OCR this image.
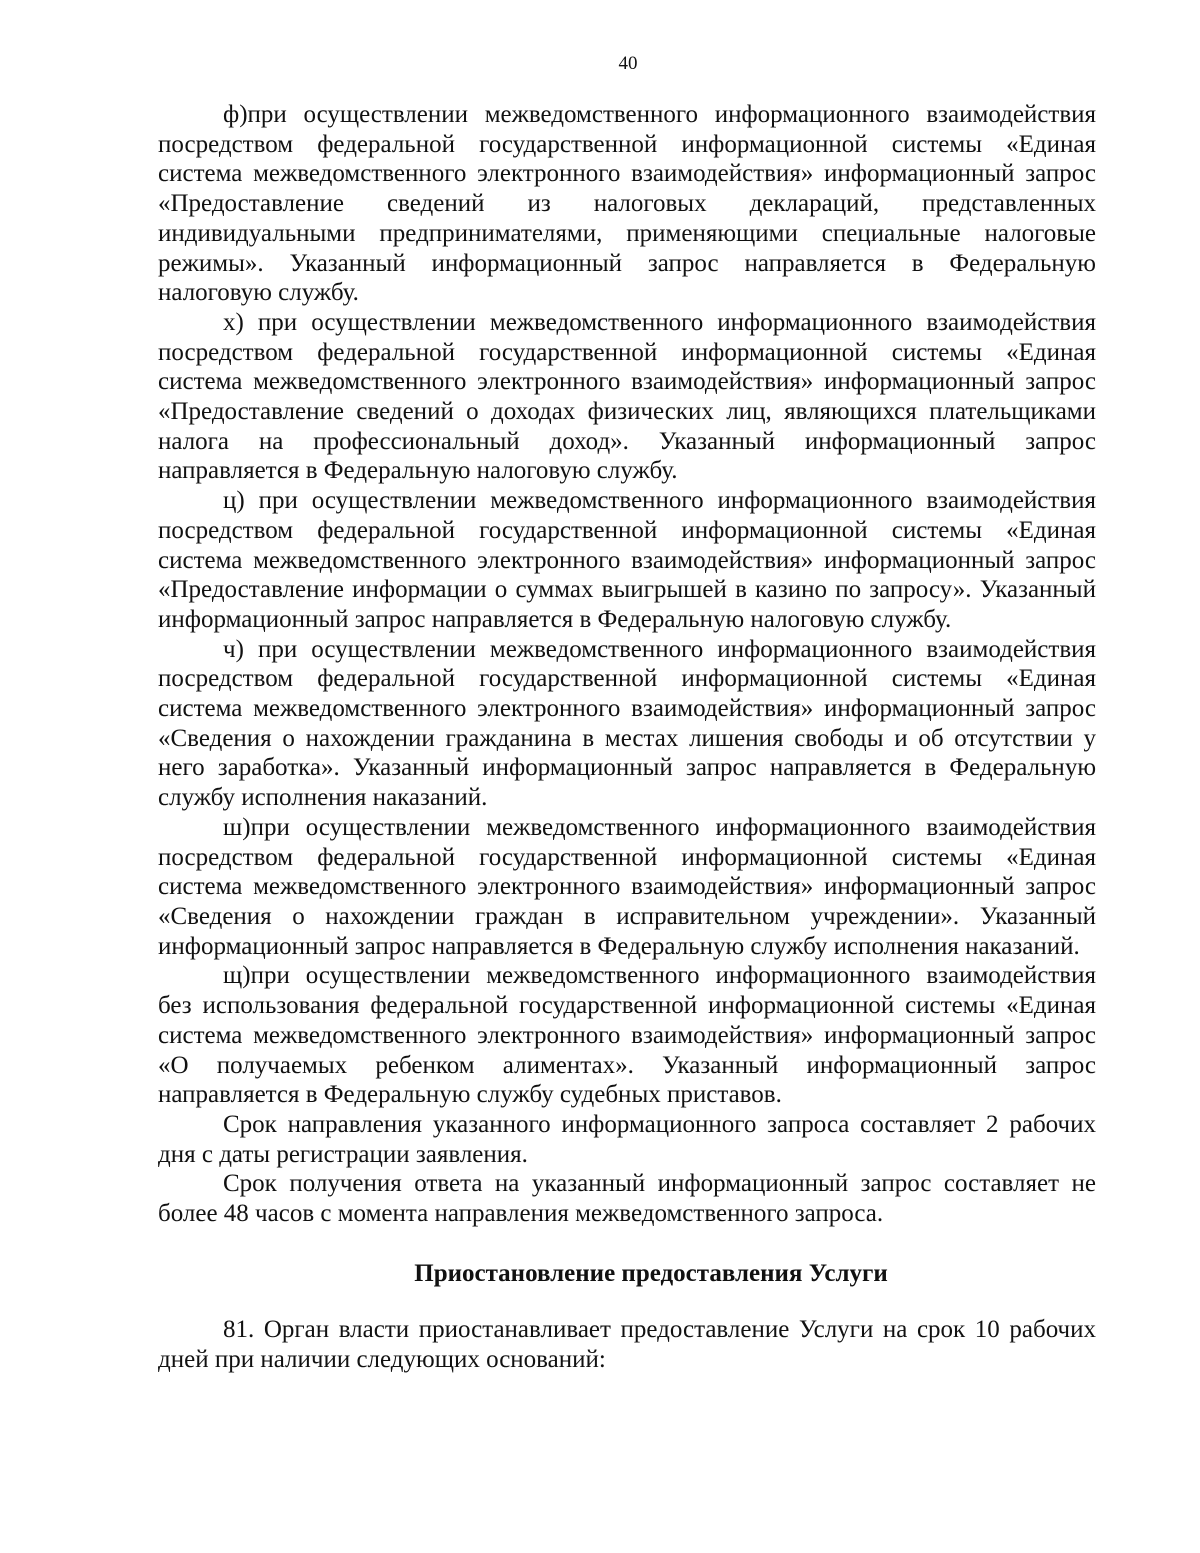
40

ф)при осуществлении межведомственного информационного взаимодействия посредством федеральной государственной информационной системы «Единая система межведомственного электронного взаимодействия» информационный запрос «Предоставление сведений из налоговых деклараций, представленных индивидуальными предпринимателями, применяющими специальные налоговые режимы». Указанный информационный запрос направляется в Федеральную налоговую службу.

х) при осуществлении межведомственного информационного взаимодействия посредством федеральной государственной информационной системы «Единая система межведомственного электронного взаимодействия» информационный запрос «Предоставление сведений о доходах физических лиц, являющихся плательщиками налога на профессиональный доход». Указанный информационный запрос направляется в Федеральную налоговую службу.

ц) при осуществлении межведомственного информационного взаимодействия посредством федеральной государственной информационной системы «Единая система межведомственного электронного взаимодействия» информационный запрос «Предоставление информации о суммах выигрышей в казино по запросу». Указанный информационный запрос направляется в Федеральную налоговую службу.

ч) при осуществлении межведомственного информационного взаимодействия посредством федеральной государственной информационной системы «Единая система межведомственного электронного взаимодействия» информационный запрос «Сведения о нахождении гражданина в местах лишения свободы и об отсутствии у него заработка». Указанный информационный запрос направляется в Федеральную службу исполнения наказаний.

ш)при осуществлении межведомственного информационного взаимодействия посредством федеральной государственной информационной системы «Единая система межведомственного электронного взаимодействия» информационный запрос «Сведения о нахождении граждан в исправительном учреждении». Указанный информационный запрос направляется в Федеральную службу исполнения наказаний.

щ)при осуществлении межведомственного информационного взаимодействия без использования федеральной государственной информационной системы «Единая система межведомственного электронного взаимодействия» информационный запрос «О получаемых ребенком алиментах». Указанный информационный запрос направляется в Федеральную службу судебных приставов.

Срок направления указанного информационного запроса составляет 2 рабочих дня с даты регистрации заявления.

Срок получения ответа на указанный информационный запрос составляет не более 48 часов с момента направления межведомственного запроса.

Приостановление предоставления Услуги

81. Орган власти приостанавливает предоставление Услуги на срок 10 рабочих дней при наличии следующих оснований:
